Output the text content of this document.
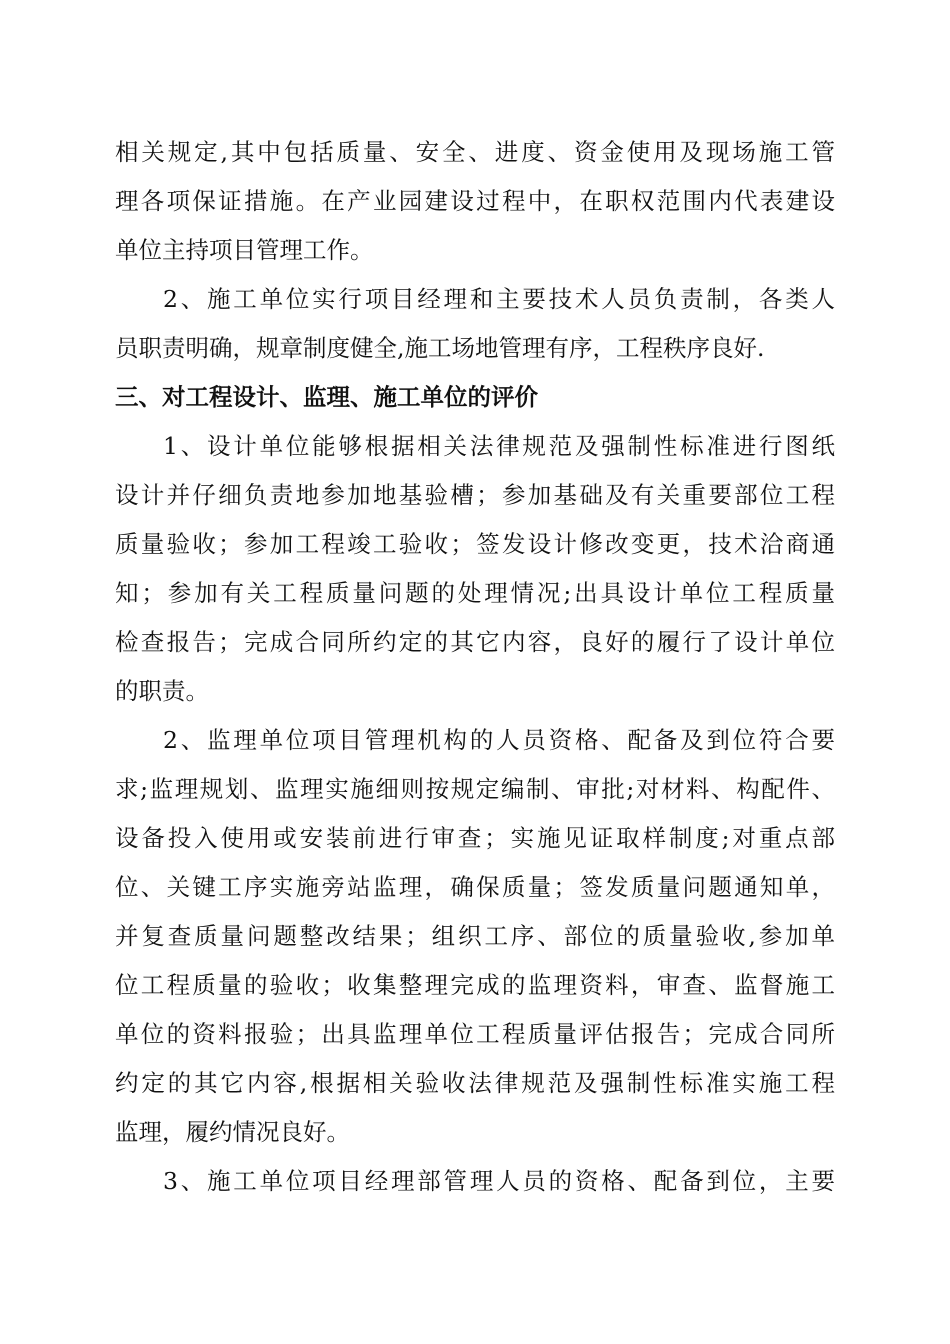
相关规定,其中包括质量、安全、进度、资金使用及现场施工管
理各项保证措施。在产业园建设过程中，在职权范围内代表建设
单位主持项目管理工作。
2、施工单位实行项目经理和主要技术人员负责制，各类人
员职责明确，规章制度健全,施工场地管理有序，工程秩序良好.
三、对工程设计、监理、施工单位的评价
1、设计单位能够根据相关法律规范及强制性标准进行图纸
设计并仔细负责地参加地基验槽；参加基础及有关重要部位工程
质量验收；参加工程竣工验收；签发设计修改变更，技术洽商通
知；参加有关工程质量问题的处理情况;出具设计单位工程质量
检查报告；完成合同所约定的其它内容，良好的履行了设计单位
的职责。
2、监理单位项目管理机构的人员资格、配备及到位符合要
求;监理规划、监理实施细则按规定编制、审批;对材料、构配件、
设备投入使用或安装前进行审查；实施见证取样制度;对重点部
位、关键工序实施旁站监理，确保质量；签发质量问题通知单，
并复查质量问题整改结果；组织工序、部位的质量验收,参加单
位工程质量的验收；收集整理完成的监理资料，审查、监督施工
单位的资料报验；出具监理单位工程质量评估报告；完成合同所
约定的其它内容,根据相关验收法律规范及强制性标准实施工程
监理，履约情况良好。
3、施工单位项目经理部管理人员的资格、配备到位，主要
